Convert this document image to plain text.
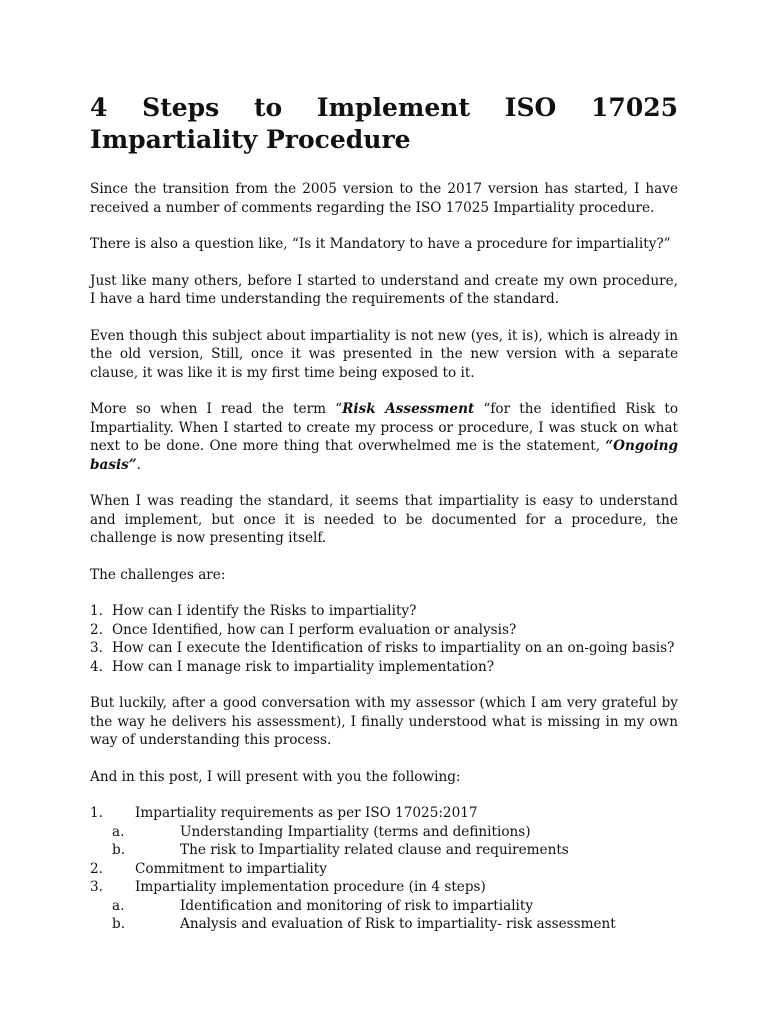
4 Steps to Implement ISO 17025 Impartiality Procedure

Since the transition from the 2005 version to the 2017 version has started, I have received a number of comments regarding the ISO 17025 Impartiality procedure.

There is also a question like, “Is it Mandatory to have a procedure for impartiality?”

Just like many others, before I started to understand and create my own procedure, I have a hard time understanding the requirements of the standard.

Even though this subject about impartiality is not new (yes, it is), which is already in the old version, Still, once it was presented in the new version with a separate clause, it was like it is my first time being exposed to it.

More so when I read the term “Risk Assessment “for the identified Risk to Impartiality. When I started to create my process or procedure, I was stuck on what next to be done. One more thing that overwhelmed me is the statement, “Ongoing basis”.

When I was reading the standard, it seems that impartiality is easy to understand and implement, but once it is needed to be documented for a procedure, the challenge is now presenting itself.

The challenges are:

1. How can I identify the Risks to impartiality?
2. Once Identified, how can I perform evaluation or analysis?
3. How can I execute the Identification of risks to impartiality on an on-going basis?
4. How can I manage risk to impartiality implementation?

But luckily, after a good conversation with my assessor (which I am very grateful by the way he delivers his assessment), I finally understood what is missing in my own way of understanding this process.

And in this post, I will present with you the following:

1. Impartiality requirements as per ISO 17025:2017
a.	Understanding Impartiality (terms and definitions)
b.	The risk to Impartiality related clause and requirements
2. Commitment to impartiality
3. Impartiality implementation procedure (in 4 steps)
a.	Identification and monitoring of risk to impartiality
b.	Analysis and evaluation of Risk to impartiality- risk assessment
